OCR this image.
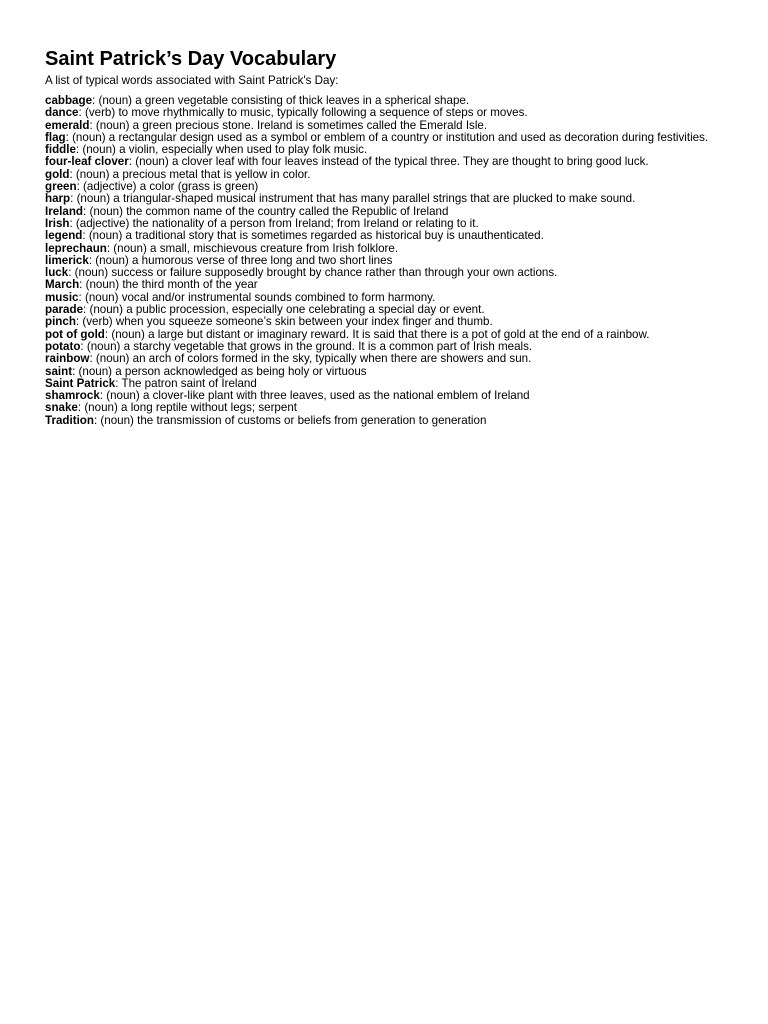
Saint Patrick’s Day Vocabulary

A list of typical words associated with Saint Patrick's Day:

cabbage: (noun) a green vegetable consisting of thick leaves in a spherical shape.
dance: (verb) to move rhythmically to music, typically following a sequence of steps or moves.
emerald: (noun) a green precious stone. Ireland is sometimes called the Emerald Isle.
flag: (noun) a rectangular design used as a symbol or emblem of a country or institution and used as decoration during festivities.
fiddle: (noun) a violin, especially when used to play folk music.
four-leaf clover: (noun) a clover leaf with four leaves instead of the typical three. They are thought to bring good luck.
gold: (noun) a precious metal that is yellow in color.
green: (adjective) a color (grass is green)
harp: (noun) a triangular-shaped musical instrument that has many parallel strings that are plucked to make sound.
Ireland: (noun) the common name of the country called the Republic of Ireland
Irish: (adjective) the nationality of a person from Ireland; from Ireland or relating to it.
legend: (noun) a traditional story that is sometimes regarded as historical buy is unauthenticated.
leprechaun: (noun) a small, mischievous creature from Irish folklore.
limerick: (noun) a humorous verse of three long and two short lines
luck: (noun) success or failure supposedly brought by chance rather than through your own actions.
March: (noun) the third month of the year
music: (noun) vocal and/or instrumental sounds combined to form harmony.
parade: (noun) a public procession, especially one celebrating a special day or event.
pinch: (verb) when you squeeze someone’s skin between your index finger and thumb.
pot of gold: (noun) a large but distant or imaginary reward. It is said that there is a pot of gold at the end of a rainbow.
potato: (noun) a starchy vegetable that grows in the ground. It is a common part of Irish meals.
rainbow: (noun) an arch of colors formed in the sky, typically when there are showers and sun.
saint: (noun) a person acknowledged as being holy or virtuous
Saint Patrick: The patron saint of Ireland
shamrock: (noun) a clover-like plant with three leaves, used as the national emblem of Ireland
snake: (noun) a long reptile without legs; serpent
Tradition: (noun) the transmission of customs or beliefs from generation to generation
